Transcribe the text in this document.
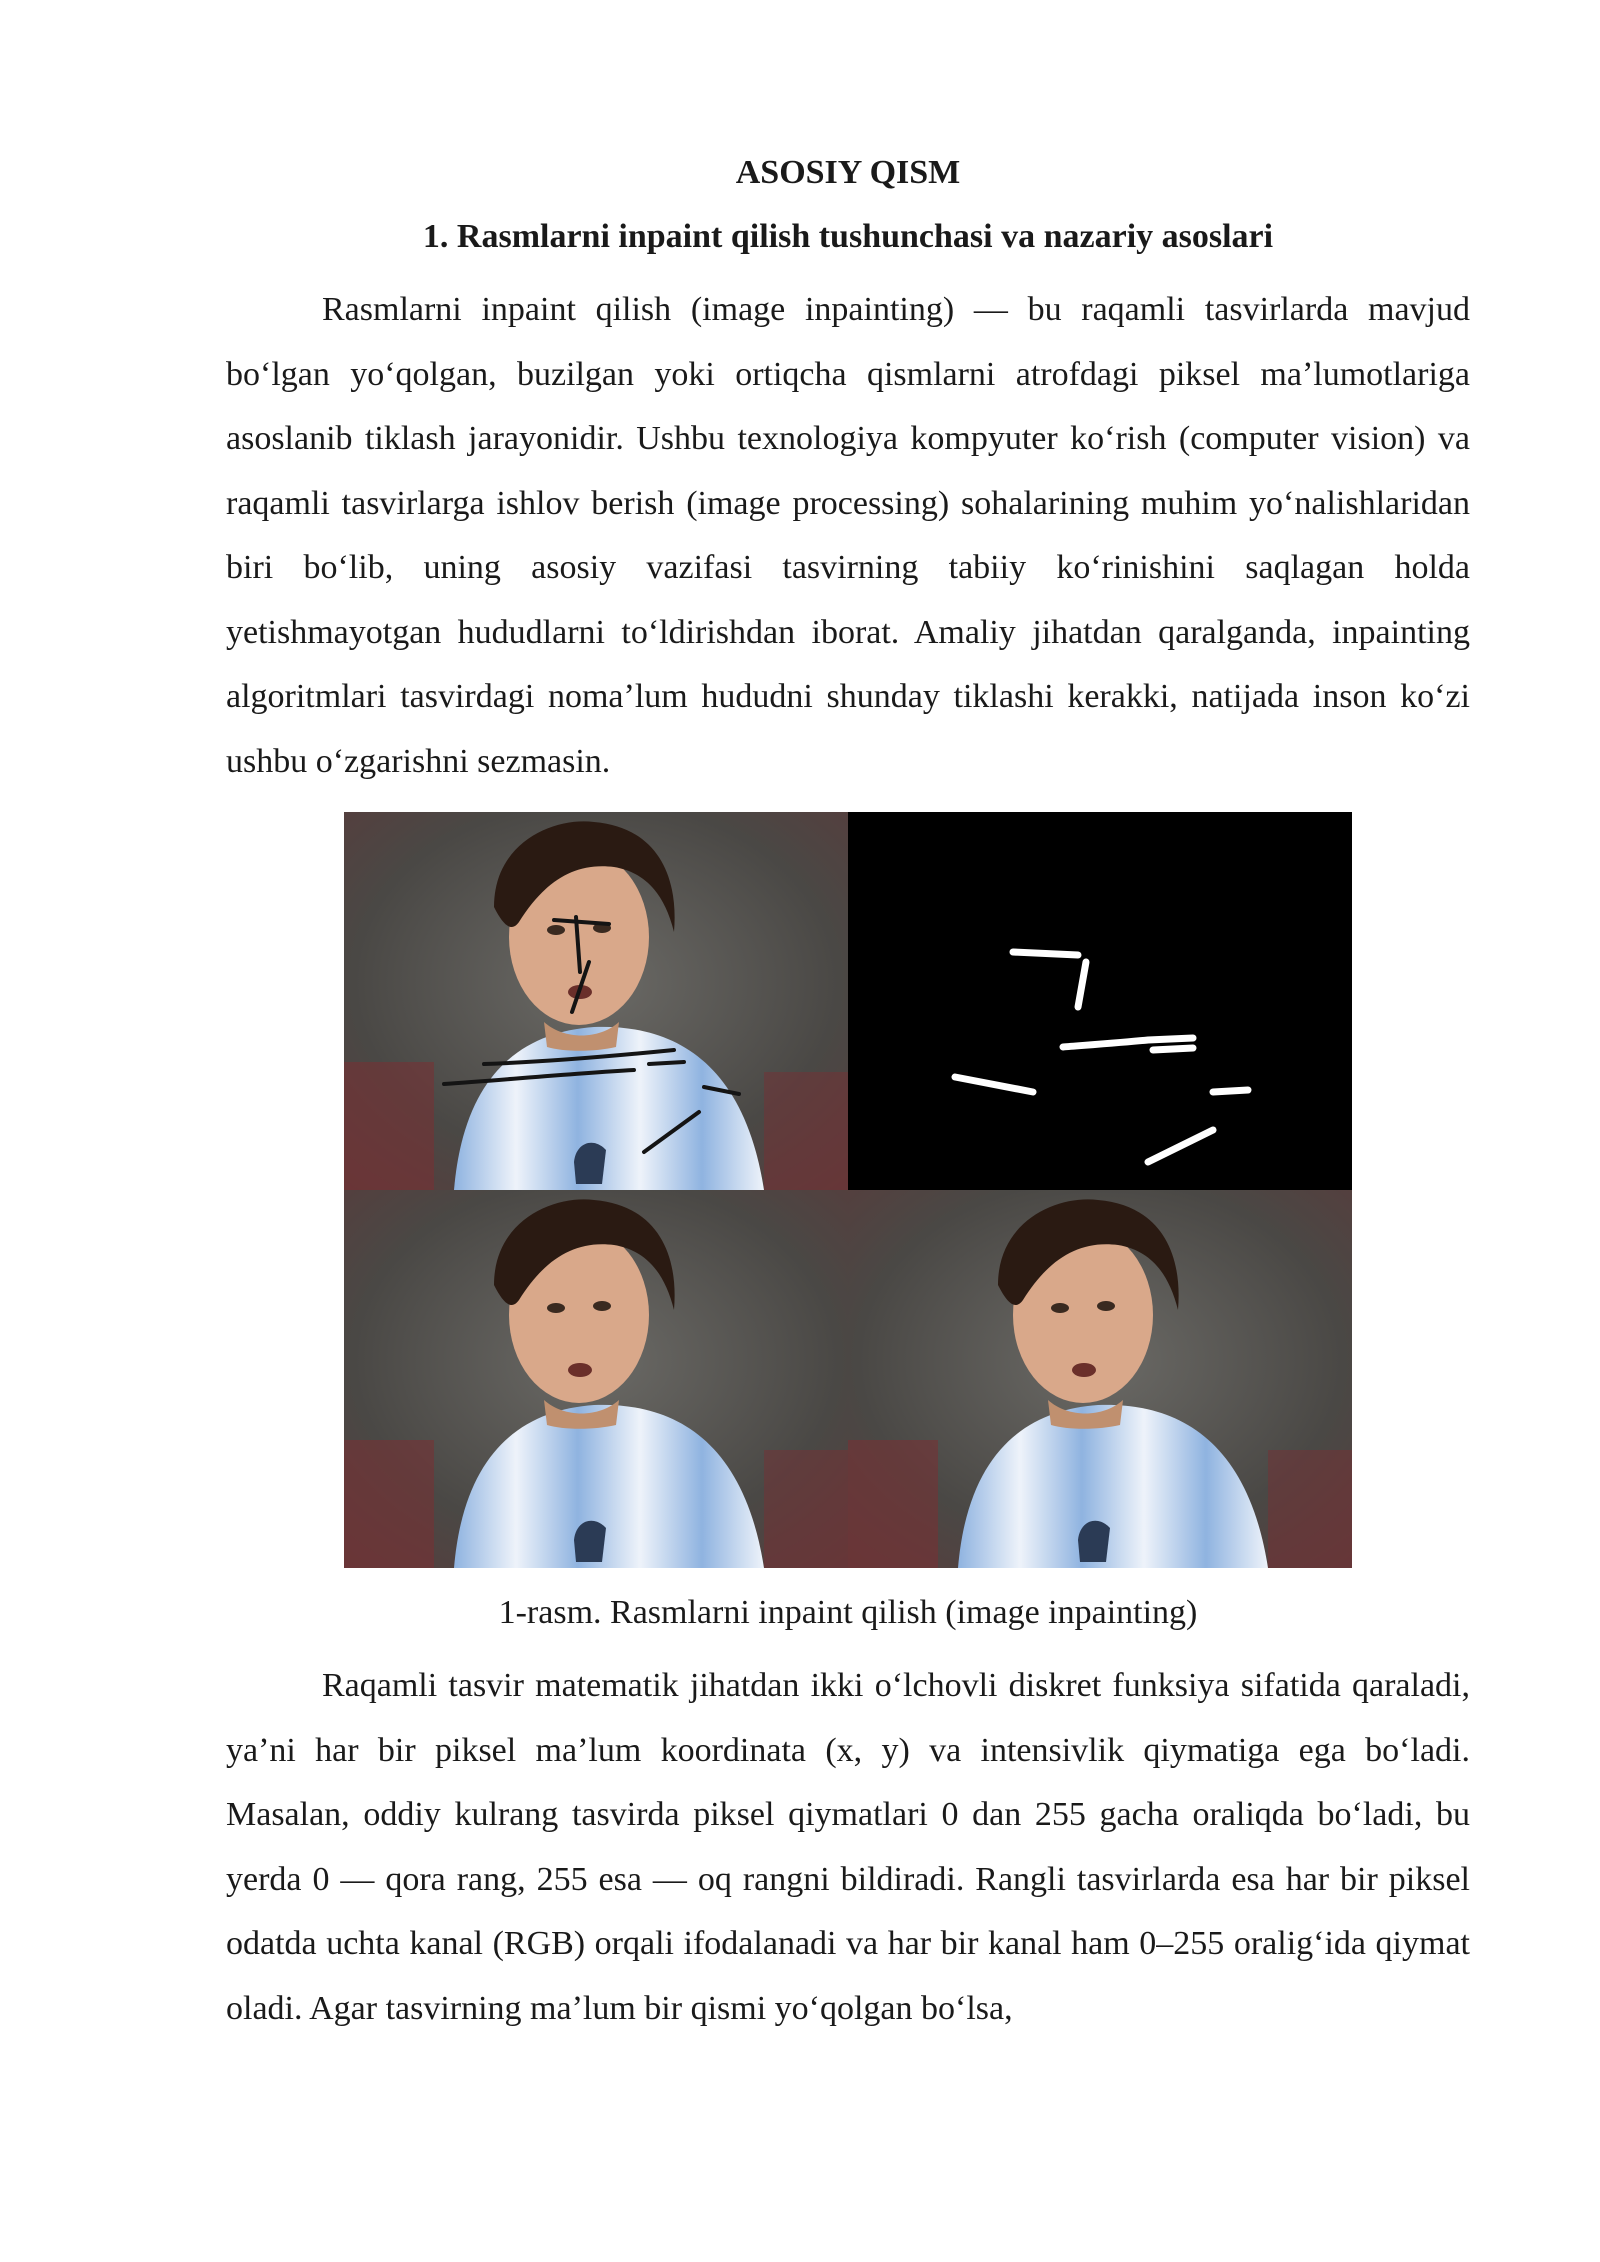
ASOSIY QISM
1. Rasmlarni inpaint qilish tushunchasi va nazariy asoslari

Rasmlarni inpaint qilish (image inpainting) — bu raqamli tasvirlarda mavjud boʻlgan yoʻqolgan, buzilgan yoki ortiqcha qismlarni atrofdagi piksel maʼlumotlariga asoslanib tiklash jarayonidir. Ushbu texnologiya kompyuter koʻrish (computer vision) va raqamli tasvirlarga ishlov berish (image processing) sohalarining muhim yoʻnalishlaridan biri boʻlib, uning asosiy vazifasi tasvirning tabiiy koʻrinishini saqlagan holda yetishmayotgan hududlarni toʻldirishdan iborat. Amaliy jihatdan qaralganda, inpainting algoritmlari tasvirdagi nomaʼlum hududni shunday tiklashi kerakki, natijada inson koʻzi ushbu oʻzgarishni sezmasin.

1-rasm. Rasmlarni inpaint qilish (image inpainting)

Raqamli tasvir matematik jihatdan ikki oʻlchovli diskret funksiya sifatida qaraladi, yaʼni har bir piksel maʼlum koordinata (x, y) va intensivlik qiymatiga ega boʻladi. Masalan, oddiy kulrang tasvirda piksel qiymatlari 0 dan 255 gacha oraliqda boʻladi, bu yerda 0 — qora rang, 255 esa — oq rangni bildiradi. Rangli tasvirlarda esa har bir piksel odatda uchta kanal (RGB) orqali ifodalanadi va har bir kanal ham 0–255 oraligʻida qiymat oladi. Agar tasvirning maʼlum bir qismi yoʻqolgan boʻlsa,
